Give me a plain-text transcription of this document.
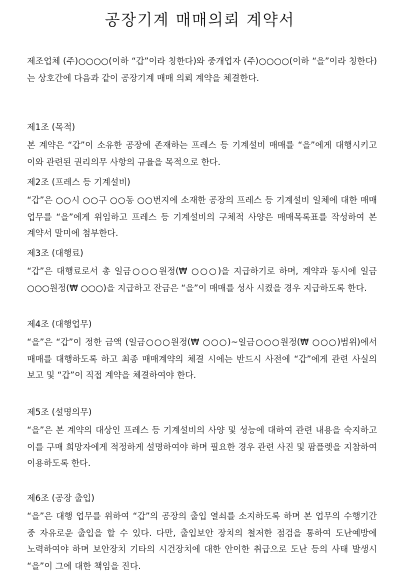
공장기계 매매의뢰 계약서

제조업체 (주)○○○○(이하 “갑”이라 칭한다)와 중개업자 (주)○○○○(이하 “을”이라 칭한다)는 상호간에 다음과 같이 공장기계 매매 의뢰 계약을 체결한다.

제1조 (목적)

본 계약은 “갑”이 소유한 공장에 존재하는 프레스 등 기계설비 매매를 “을”에게 대행시키고 이와 관련된 권리의무 사항의 규율을 목적으로 한다.

제2조 (프레스 등 기계설비)

“갑”은 ○○시 ○○구 ○○동 ○○번지에 소재한 공장의 프레스 등 기계설비 일체에 대한 매매 업무를 “을”에게 위임하고 프레스 등 기계설비의 구체적 사양은 매매목록표를 작성하여 본 계약서 말미에 첨부한다.

제3조 (대행료)

“갑”은 대행료로서 총 일금○○○원정(₩ ○○○)을 지급하기로 하며, 계약과 동시에 일금○○○원정(₩ ○○○)을 지급하고 잔금은 “을”이 매매를 성사 시켰을 경우 지급하도록 한다.

제4조 (대행업무)

“을”은 “갑”이 정한 금액 (일금○○○원정(₩ ○○○)~일금○○○원정(₩ ○○○)범위)에서 매매를 대행하도록 하고 최종 매매계약의 체결 시에는 반드시 사전에 “갑”에게 관련 사실의 보고 및 “갑”이 직접 계약을 체결하여야 한다.

제5조 (설명의무)

“을”은 본 계약의 대상인 프레스 등 기계설비의 사양 및 성능에 대하여 관련 내용을 숙지하고 이를 구매 희망자에게 적정하게 설명하여야 하며 필요한 경우 관련 사진 및 팜플렛을 지참하여 이용하도록 한다.

제6조 (공장 출입)

“을”은 대행 업무를 위하여 “갑”의 공장의 출입 열쇠를 소지하도록 하며 본 업무의 수행기간 중 자유로운 출입을 할 수 있다. 다만, 출입보안 장치의 철저한 점검을 통하여 도난예방에 노력하여야 하며 보안장치 기타의 시건장치에 대한 안이한 취급으로 도난 등의 사태 발생시 “을”이 그에 대한 책임을 진다.
